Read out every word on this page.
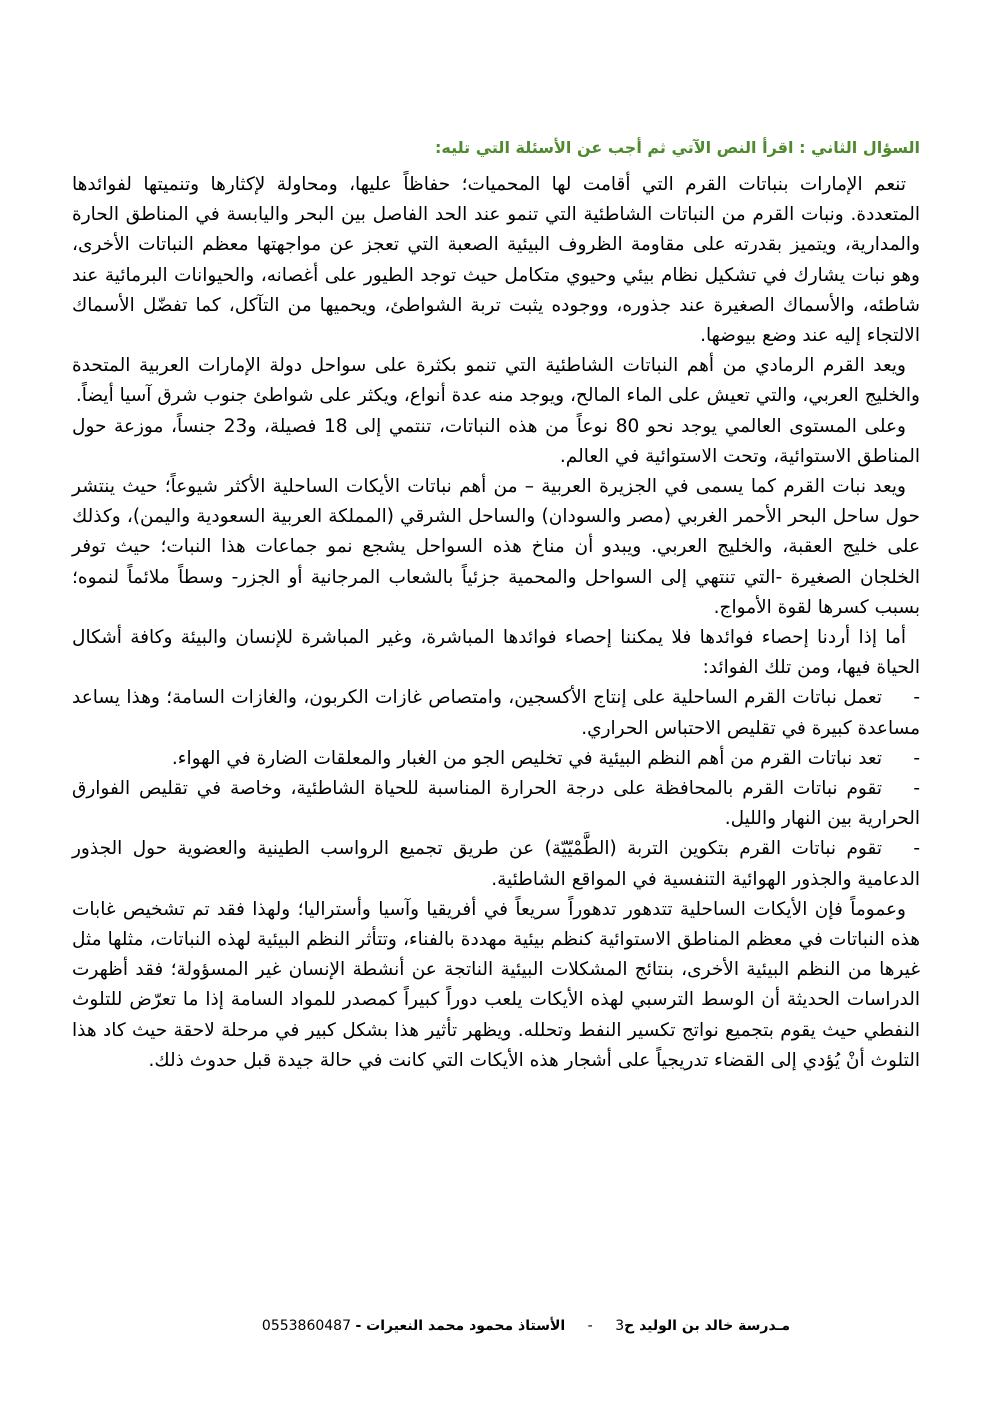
السؤال الثاني : اقرأ النص الآتي ثم أجب عن الأسئلة التي تليه:

تنعم الإمارات بنباتات القرم التي أقامت لها المحميات؛ حفاظاً عليها، ومحاولة لإكثارها وتنميتها لفوائدها المتعددة. ونبات القرم من النباتات الشاطئية التي تنمو عند الحد الفاصل بين البحر واليابسة في المناطق الحارة والمدارية، ويتميز بقدرته على مقاومة الظروف البيئية الصعبة التي تعجز عن مواجهتها معظم النباتات الأخرى، وهو نبات يشارك في تشكيل نظام بيئي وحيوي متكامل حيث توجد الطيور على أغصانه، والحيوانات البرمائية عند شاطئه، والأسماك الصغيرة عند جذوره، ووجوده يثبت تربة الشواطئ، ويحميها من التآكل، كما تفضّل الأسماك الالتجاء إليه عند وضع بيوضها.

ويعد القرم الرمادي من أهم النباتات الشاطئية التي تنمو بكثرة على سواحل دولة الإمارات العربية المتحدة والخليج العربي، والتي تعيش على الماء المالح، ويوجد منه عدة أنواع، ويكثر على شواطئ جنوب شرق آسيا أيضاً.

وعلى المستوى العالمي يوجد نحو 80 نوعاً من هذه النباتات، تنتمي إلى 18 فصيلة، و23 جنساً، موزعة حول المناطق الاستوائية، وتحت الاستوائية في العالم.

ويعد نبات القرم كما يسمى في الجزيرة العربية – من أهم نباتات الأيكات الساحلية الأكثر شيوعاً؛ حيث ينتشر حول ساحل البحر الأحمر الغربي (مصر والسودان) والساحل الشرقي (المملكة العربية السعودية واليمن)، وكذلك على خليج العقبة، والخليج العربي. ويبدو أن مناخ هذه السواحل يشجع نمو جماعات هذا النبات؛ حيث توفر الخلجان الصغيرة -التي تنتهي إلى السواحل والمحمية جزئياً بالشعاب المرجانية أو الجزر- وسطاً ملائماً لنموه؛ بسبب كسرها لقوة الأمواج.

أما إذا أردنا إحصاء فوائدها فلا يمكننا إحصاء فوائدها المباشرة، وغير المباشرة للإنسان والبيئة وكافة أشكال الحياة فيها، ومن تلك الفوائد:

-تعمل نباتات القرم الساحلية على إنتاج الأكسجين، وامتصاص غازات الكربون، والغازات السامة؛ وهذا يساعد مساعدة كبيرة في تقليص الاحتباس الحراري.

-تعد نباتات القرم من أهم النظم البيئية في تخليص الجو من الغبار والمعلقات الضارة في الهواء.

-تقوم نباتات القرم بالمحافظة على درجة الحرارة المناسبة للحياة الشاطئية، وخاصة في تقليص الفوارق الحرارية بين النهار والليل.

-تقوم نباتات القرم بتكوين التربة (الطَّمْيّيّة) عن طريق تجميع الرواسب الطينية والعضوية حول الجذور الدعامية والجذور الهوائية التنفسية في المواقع الشاطئية.

وعموماً فإن الأيكات الساحلية تتدهور تدهوراً سريعاً في أفريقيا وآسيا وأستراليا؛ ولهذا فقد تم تشخيص غابات هذه النباتات في معظم المناطق الاستوائية كنظم بيئية مهددة بالفناء، وتتأثر النظم البيئية لهذه النباتات، مثلها مثل غيرها من النظم البيئية الأخرى، بنتائج المشكلات البيئية الناتجة عن أنشطة الإنسان غير المسؤولة؛ فقد أظهرت الدراسات الحديثة أن الوسط الترسبي لهذه الأيكات يلعب دوراً كبيراً كمصدر للمواد السامة إذا ما تعرّض للتلوث النفطي حيث يقوم بتجميع نواتج تكسير النفط وتحلله. ويظهر تأثير هذا بشكل كبير في مرحلة لاحقة حيث كاد هذا التلوث أنْ يُؤدي إلى القضاء تدريجياً على أشجار هذه الأيكات التي كانت في حالة جيدة قبل حدوث ذلك.

مـدرسة خالد بن الوليد ح3 - الأستاذ محمود محمد النعيرات - 0553860487
